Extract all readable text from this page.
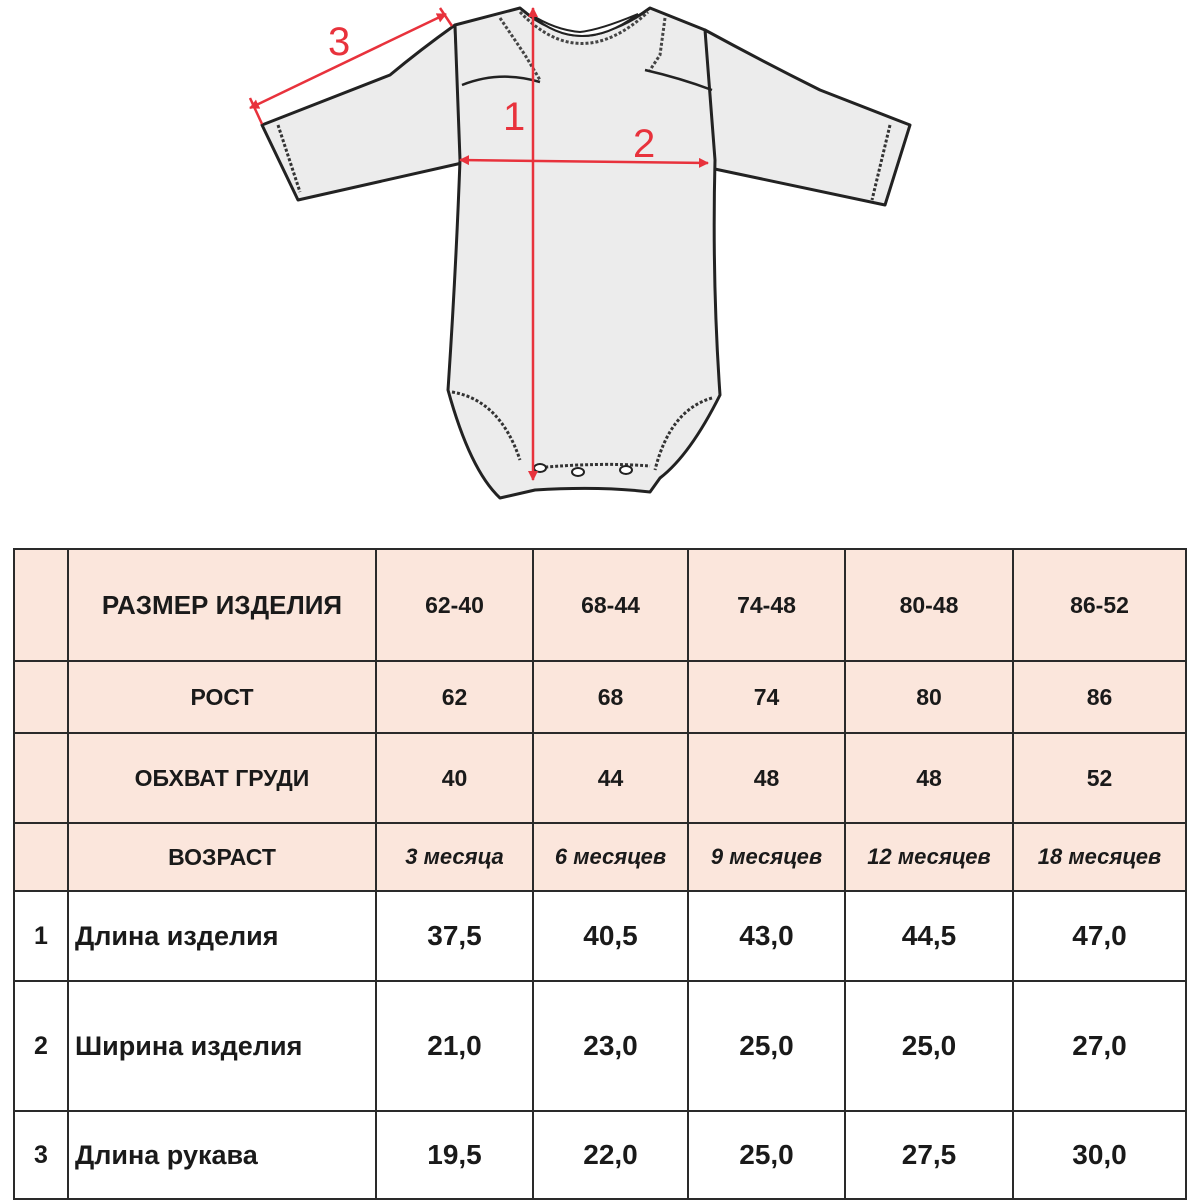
1
2
3
	РАЗМЕР ИЗДЕЛИЯ	62-40	68-44	74-48	80-48	86-52
	РОСТ	62	68	74	80	86
	ОБХВАТ ГРУДИ	40	44	48	48	52
	ВОЗРАСТ	3 месяца	6 месяцев	9 месяцев	12 месяцев	18 месяцев
1	Длина изделия	37,5	40,5	43,0	44,5	47,0
2	Ширина изделия	21,0	23,0	25,0	25,0	27,0
3	Длина рукава	19,5	22,0	25,0	27,5	30,0
